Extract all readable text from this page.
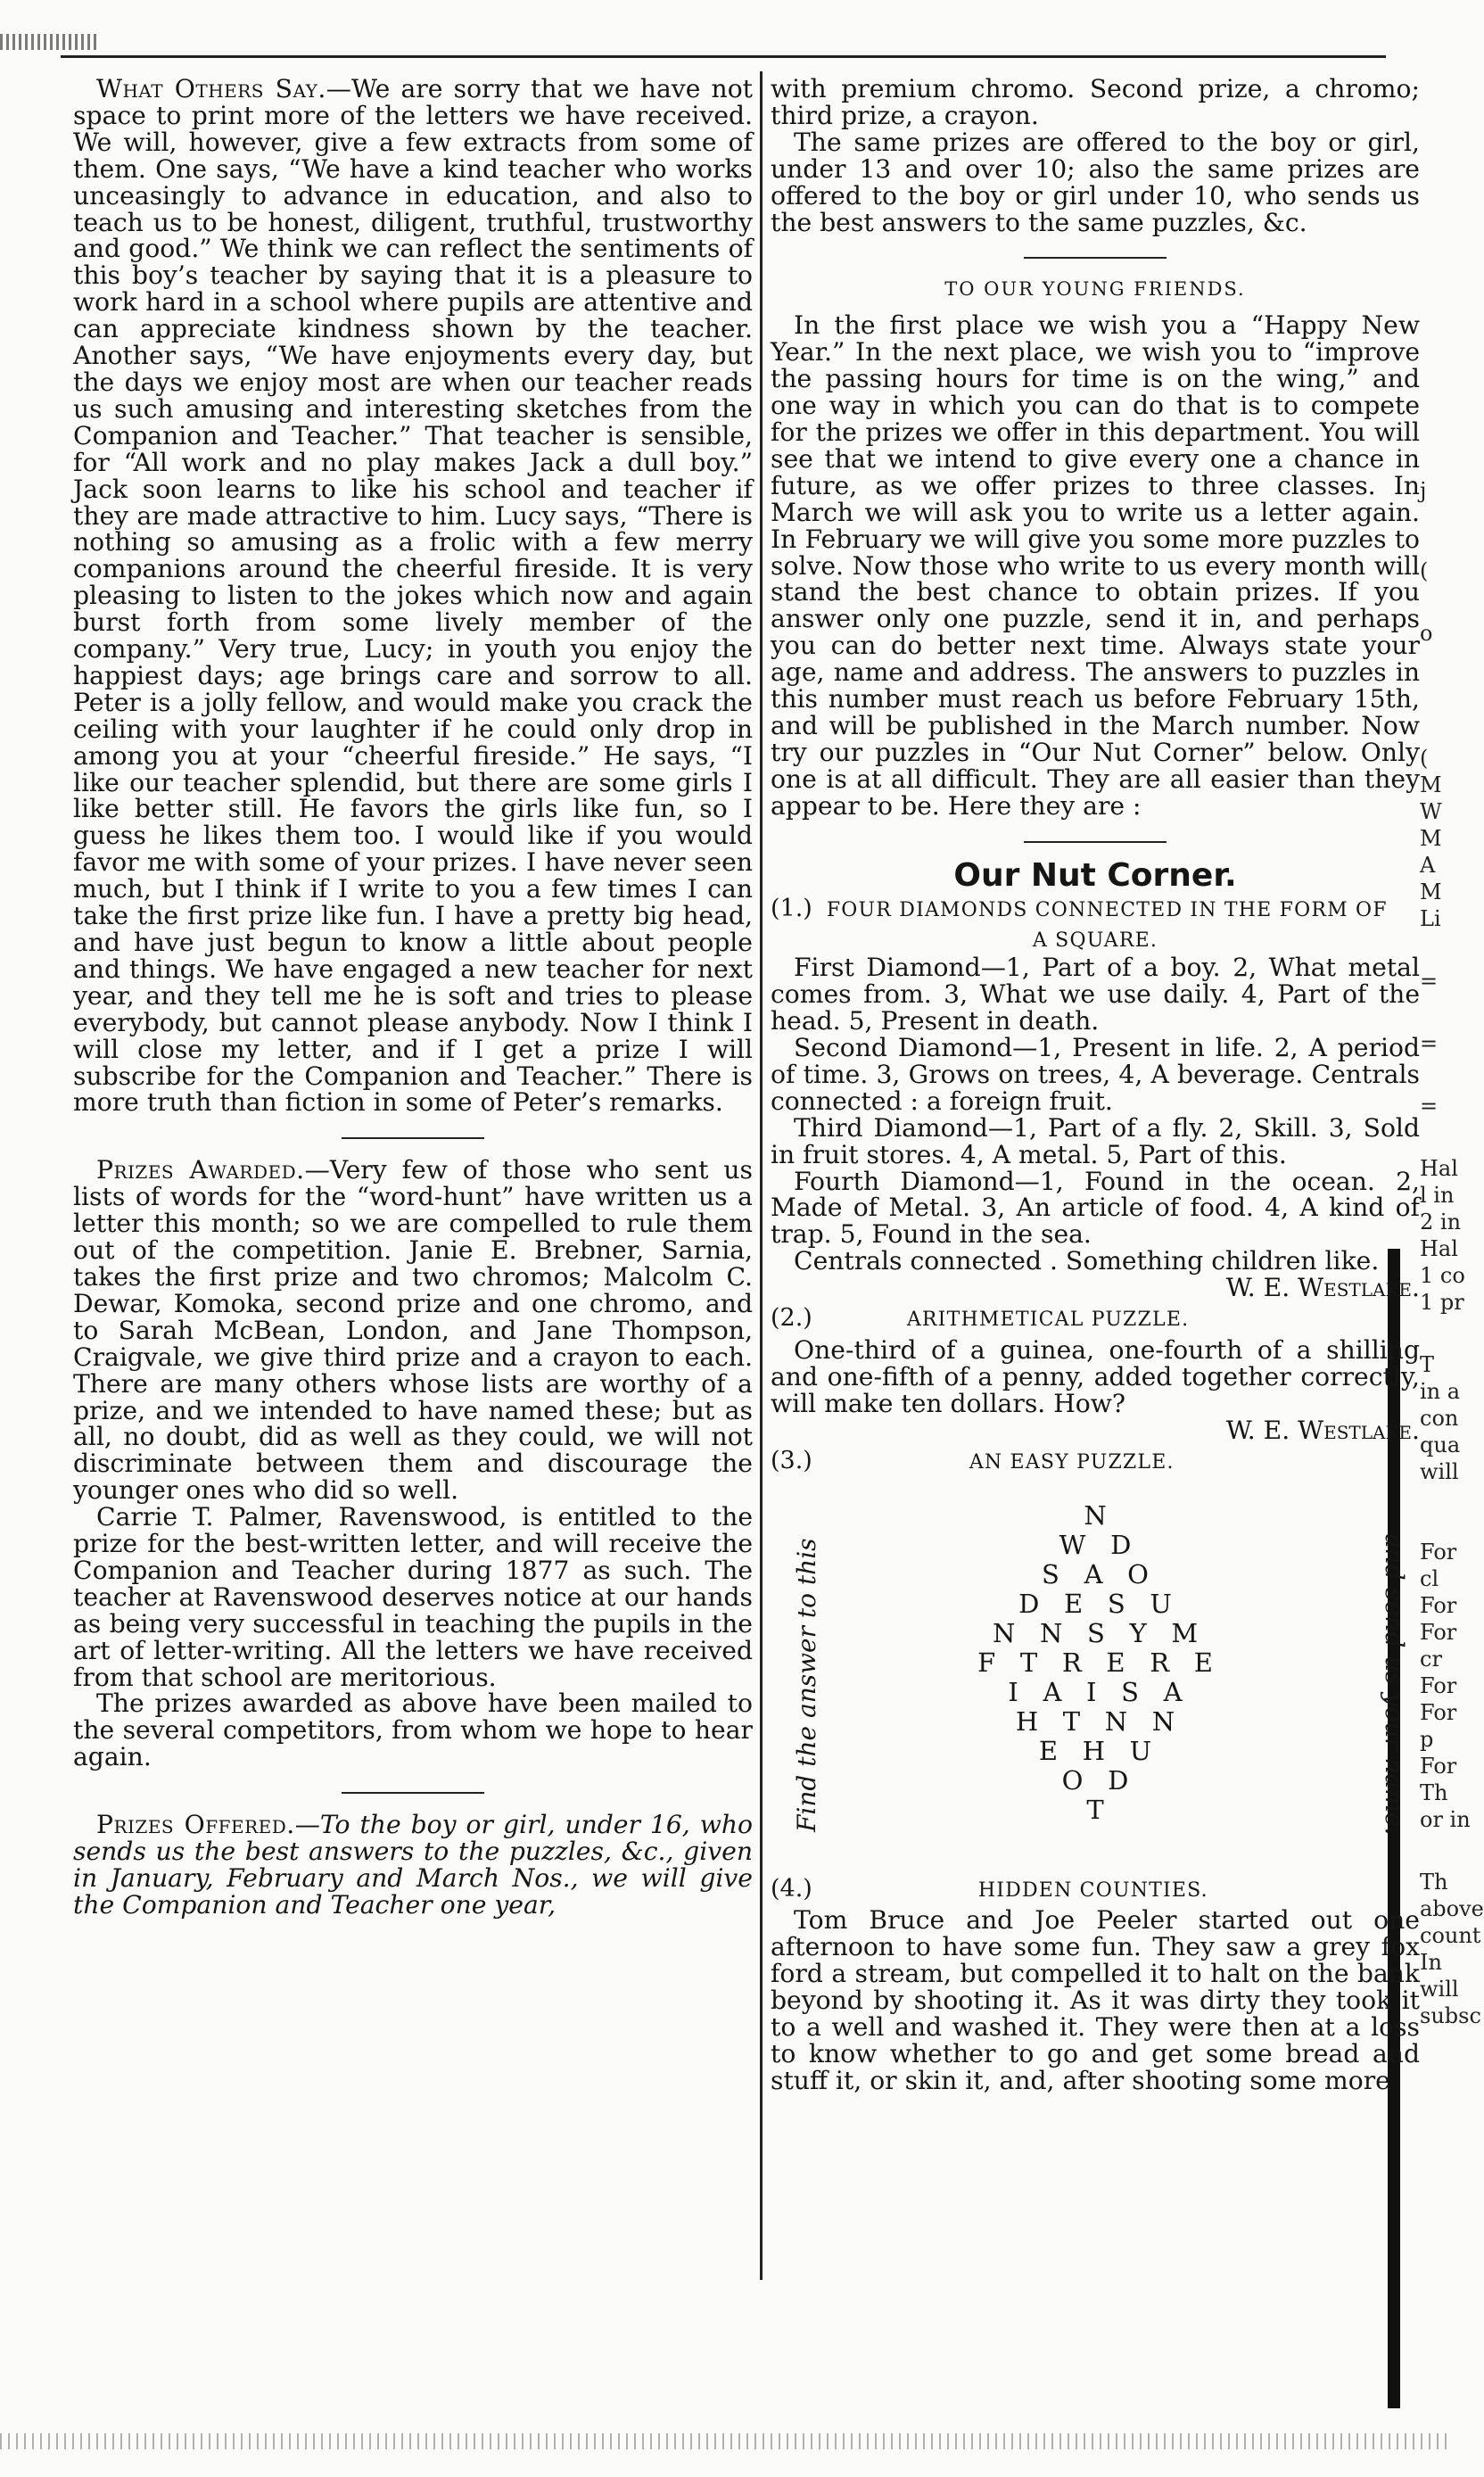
What Others Say.—We are sorry that we have not space to print more of the letters we have received. We will, however, give a few extracts from some of them. One says, “We have a kind teacher who works unceasingly to advance in education, and also to teach us to be honest, diligent, truthful, trustworthy and good.” We think we can reflect the sentiments of this boy’s teacher by saying that it is a pleasure to work hard in a school where pupils are attentive and can appreciate kindness shown by the teacher. Another says, “We have enjoyments every day, but the days we enjoy most are when our teacher reads us such amusing and interesting sketches from the Companion and Teacher.” That teacher is sensible, for “All work and no play makes Jack a dull boy.” Jack soon learns to like his school and teacher if they are made attractive to him. Lucy says, “There is nothing so amusing as a frolic with a few merry companions around the cheerful fireside. It is very pleasing to listen to the jokes which now and again burst forth from some lively member of the company.” Very true, Lucy; in youth you enjoy the happiest days; age brings care and sorrow to all. Peter is a jolly fellow, and would make you crack the ceiling with your laughter if he could only drop in among you at your “cheerful fireside.” He says, “I like our teacher splendid, but there are some girls I like better still. He favors the girls like fun, so I guess he likes them too. I would like if you would favor me with some of your prizes. I have never seen much, but I think if I write to you a few times I can take the first prize like fun. I have a pretty big head, and have just begun to know a little about people and things. We have engaged a new teacher for next year, and they tell me he is soft and tries to please everybody, but cannot please anybody. Now I think I will close my letter, and if I get a prize I will subscribe for the Companion and Teacher.” There is more truth than fiction in some of Peter’s remarks.

Prizes Awarded.—Very few of those who sent us lists of words for the “word-hunt” have written us a letter this month; so we are compelled to rule them out of the competition. Janie E. Brebner, Sarnia, takes the first prize and two chromos; Malcolm C. Dewar, Komoka, second prize and one chromo, and to Sarah McBean, London, and Jane Thompson, Craigvale, we give third prize and a crayon to each. There are many others whose lists are worthy of a prize, and we intended to have named these; but as all, no doubt, did as well as they could, we will not discriminate between them and discourage the younger ones who did so well.

Carrie T. Palmer, Ravenswood, is entitled to the prize for the best-written letter, and will receive the Companion and Teacher during 1877 as such. The teacher at Ravenswood deserves notice at our hands as being very successful in teaching the pupils in the art of letter-writing. All the letters we have received from that school are meritorious.

The prizes awarded as above have been mailed to the several competitors, from whom we hope to hear again.

Prizes Offered.—To the boy or girl, under 16, who sends us the best answers to the puzzles, &c., given in January, February and March Nos., we will give the Companion and Teacher one year,

with premium chromo. Second prize, a chromo; third prize, a crayon.

The same prizes are offered to the boy or girl, under 13 and over 10; also the same prizes are offered to the boy or girl under 10, who sends us the best answers to the same puzzles, &c.

TO OUR YOUNG FRIENDS.

In the first place we wish you a “Happy New Year.” In the next place, we wish you to “improve the passing hours for time is on the wing,” and one way in which you can do that is to compete for the prizes we offer in this department. You will see that we intend to give every one a chance in future, as we offer prizes to three classes. In March we will ask you to write us a letter again. In February we will give you some more puzzles to solve. Now those who write to us every month will stand the best chance to obtain prizes. If you answer only one puzzle, send it in, and perhaps you can do better next time. Always state your age, name and address. The answers to puzzles in this number must reach us before February 15th, and will be published in the March number. Now try our puzzles in “Our Nut Corner” below. Only one is at all difficult. They are all easier than they appear to be. Here they are :

Our Nut Corner.
(1.) FOUR DIAMONDS CONNECTED IN THE FORM OF
A SQUARE.

First Diamond—1, Part of a boy. 2, What metal comes from. 3, What we use daily. 4, Part of the head. 5, Present in death.

Second Diamond—1, Present in life. 2, A period of time. 3, Grows on trees, 4, A beverage. Centrals connected : a foreign fruit.

Third Diamond—1, Part of a fly. 2, Skill. 3, Sold in fruit stores. 4, A metal. 5, Part of this.

Fourth Diamond—1, Found in the ocean. 2, Made of Metal. 3, An article of food. 4, A kind of trap. 5, Found in the sea.

Centrals connected . Something children like.

W. E. Westlake.
(2.)	ARITHMETICAL PUZZLE.

One-third of a guinea, one-fourth of a shilling and one-fifth of a penny, added together correctly, will make ten dollars. How?

W. E. Westlake.
(3.)	AN EASY PUZZLE.
Find the answer to this
N
W   D
S   A   O
D   E   S   U
N   N   S   Y   M
F   T   R   E   R   E
I   A   I   S   A
H   T   N   N
E   H   U
O   D
T	and send us your name.
(4.)	HIDDEN COUNTIES.

Tom Bruce and Joe Peeler started out one afternoon to have some fun. They saw a grey fox ford a stream, but compelled it to halt on the bank beyond by shooting it. As it was dirty they took it to a well and washed it. They were then at a loss to know whether to go and get some bread and stuff it, or skin it, and, after shooting some more

j
(
o
(
M
W
M
A
M
Li
=
=
=
Hal
l in
2 in
Hal
1 co
1 pr
T
in a
con
qua
will
For
cl
For
For
cr
For
For
p
For
Th
or in
Th
above
count
In
will
subsc
